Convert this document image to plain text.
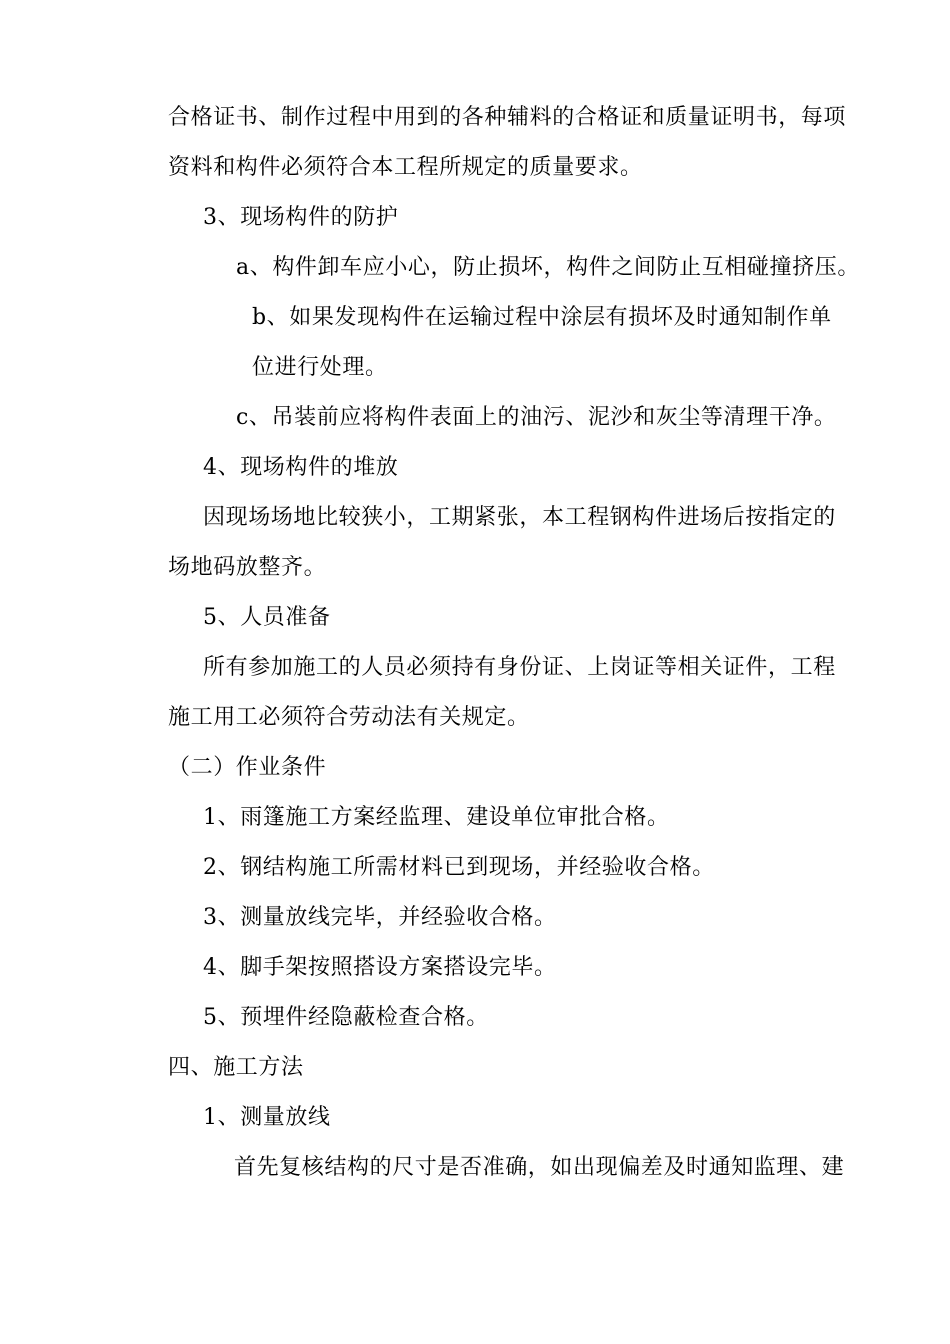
合格证书、制作过程中用到的各种辅料的合格证和质量证明书，每项

资料和构件必须符合本工程所规定的质量要求。

3、现场构件的防护

a、构件卸车应小心，防止损坏，构件之间防止互相碰撞挤压。

b、如果发现构件在运输过程中涂层有损坏及时通知制作单

位进行处理。

c、吊装前应将构件表面上的油污、泥沙和灰尘等清理干净。

4、现场构件的堆放

因现场场地比较狭小，工期紧张，本工程钢构件进场后按指定的

场地码放整齐。

5、人员准备

所有参加施工的人员必须持有身份证、上岗证等相关证件，工程

施工用工必须符合劳动法有关规定。

（二）作业条件

1、雨篷施工方案经监理、建设单位审批合格。

2、钢结构施工所需材料已到现场，并经验收合格。

3、测量放线完毕，并经验收合格。

4、脚手架按照搭设方案搭设完毕。

5、预埋件经隐蔽检查合格。

四、施工方法

1、测量放线

首先复核结构的尺寸是否准确，如出现偏差及时通知监理、建
